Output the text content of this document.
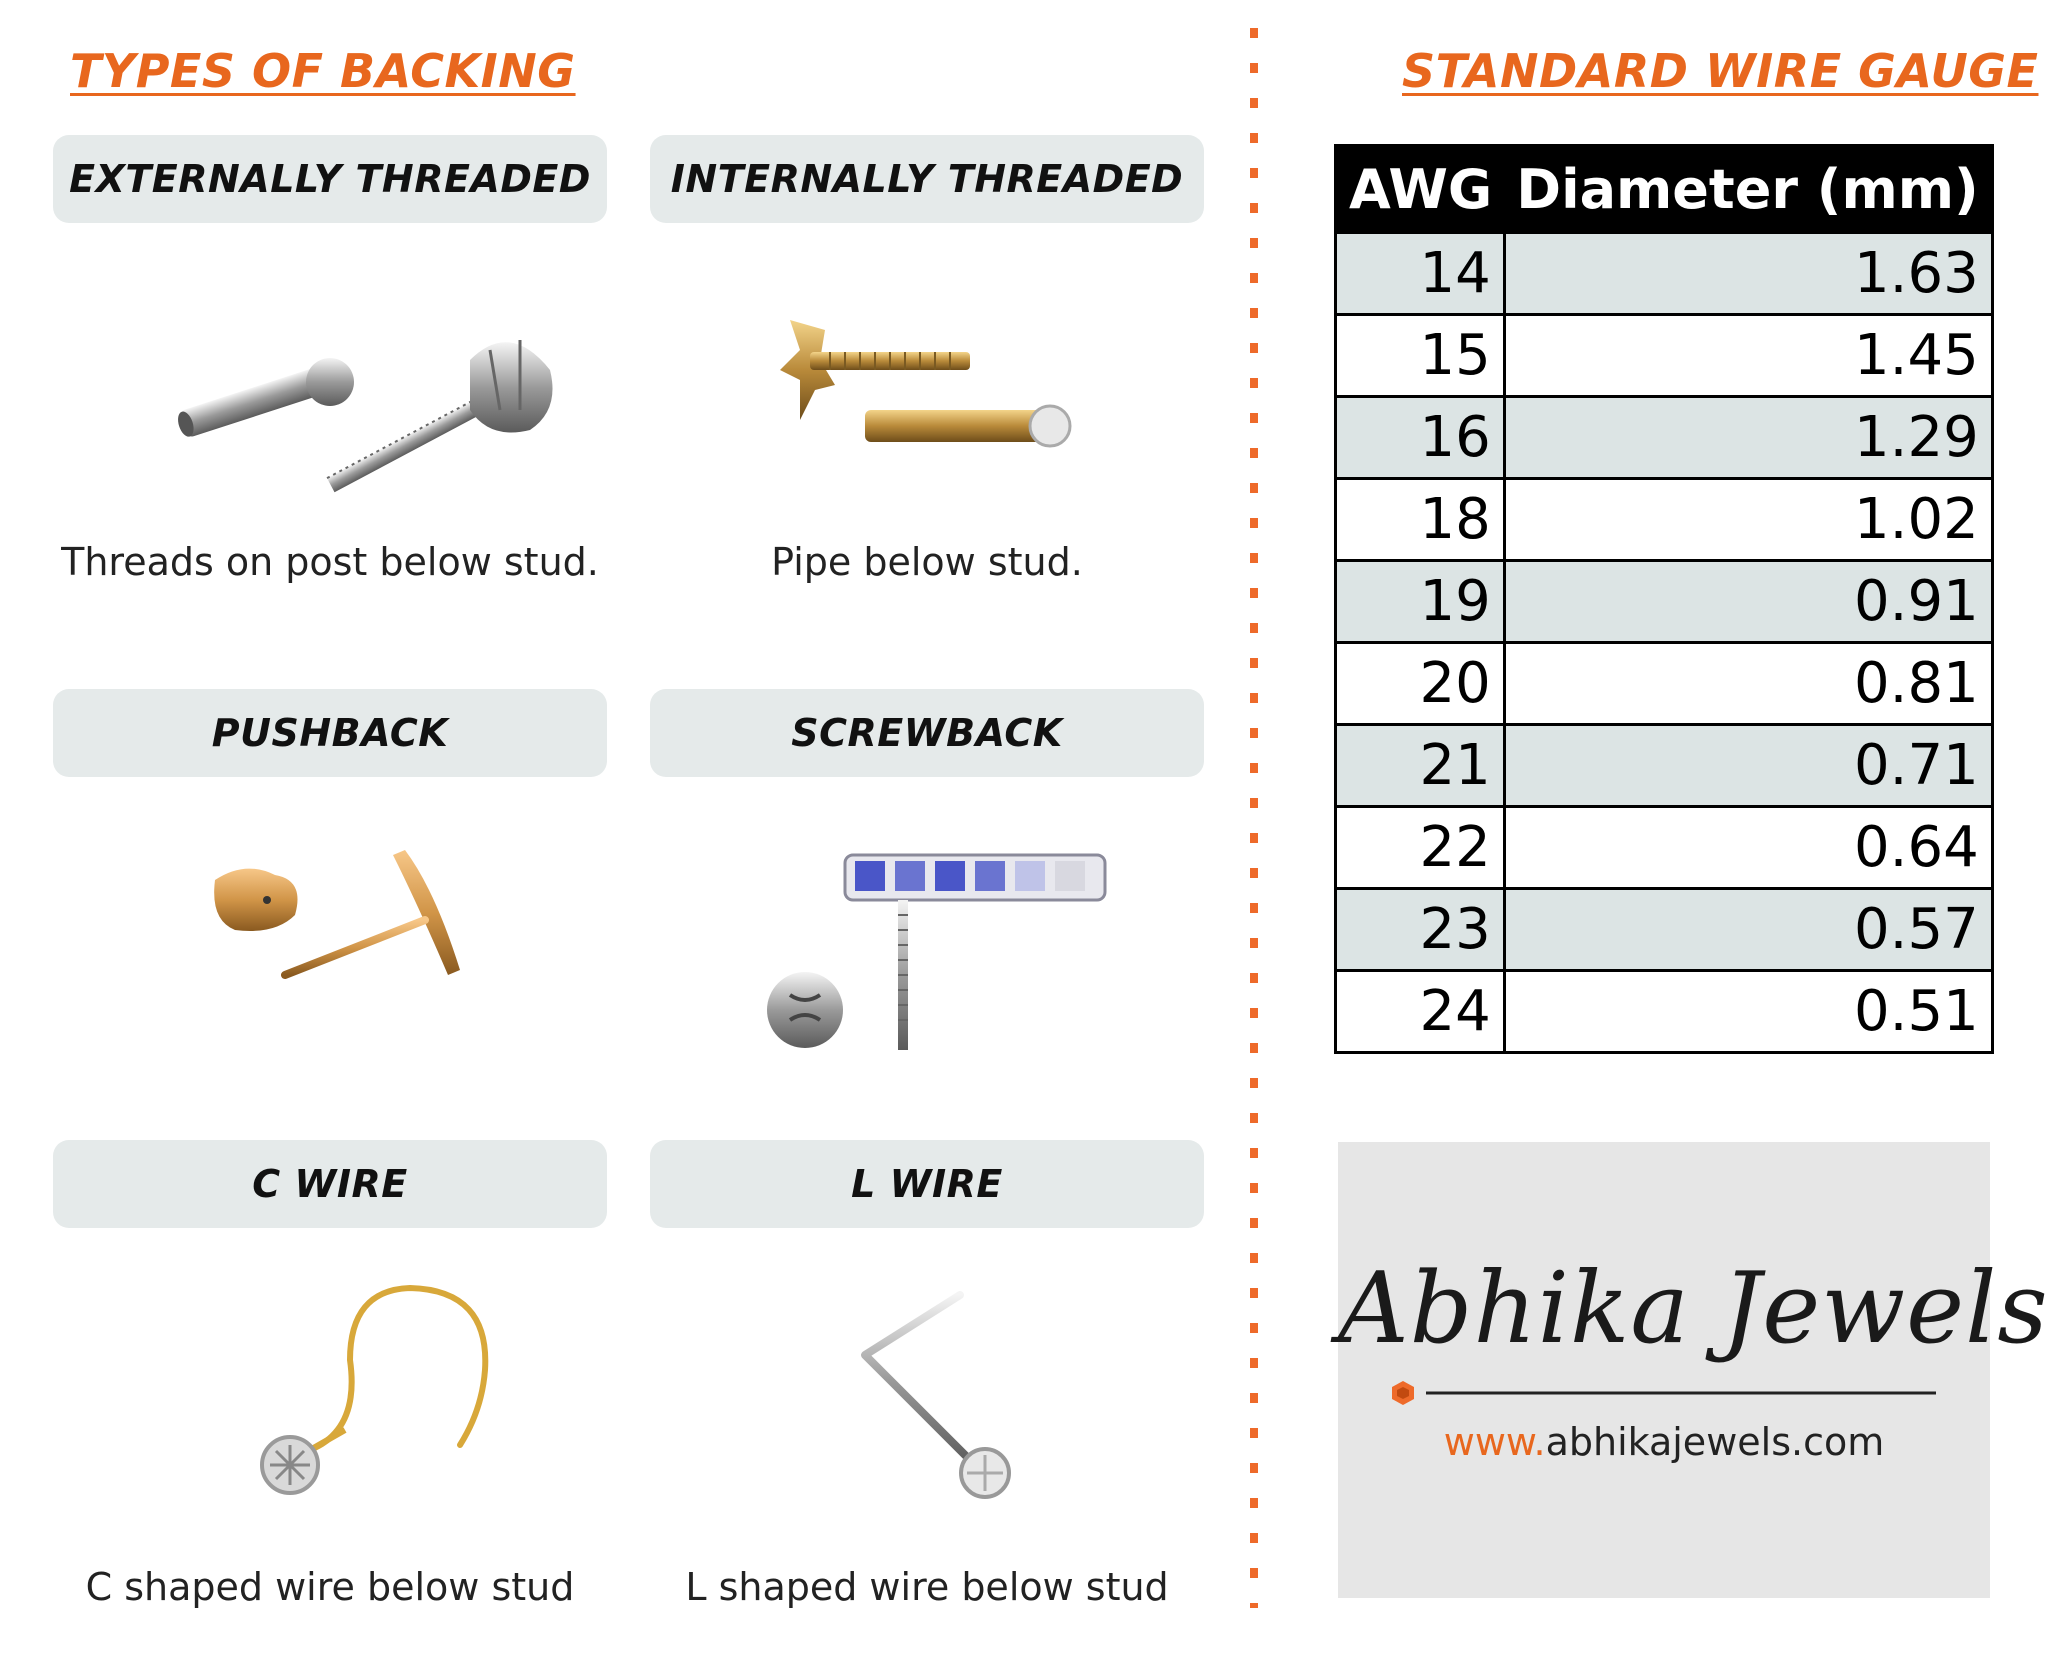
TYPES OF BACKING
EXTERNALLY THREADED	INTERNALLY THREADED
Threads on post below stud.	Pipe below stud.
PUSHBACK	SCREWBACK
C WIRE	L WIRE
C shaped wire below stud	L shaped wire below stud
STANDARD WIRE GAUGE
AWG	Diameter (mm)
14	1.63
15	1.45
16	1.29
18	1.02
19	0.91
20	0.81
21	0.71
22	0.64
23	0.57
24	0.51
Abhika Jewels
www.abhikajewels.com
